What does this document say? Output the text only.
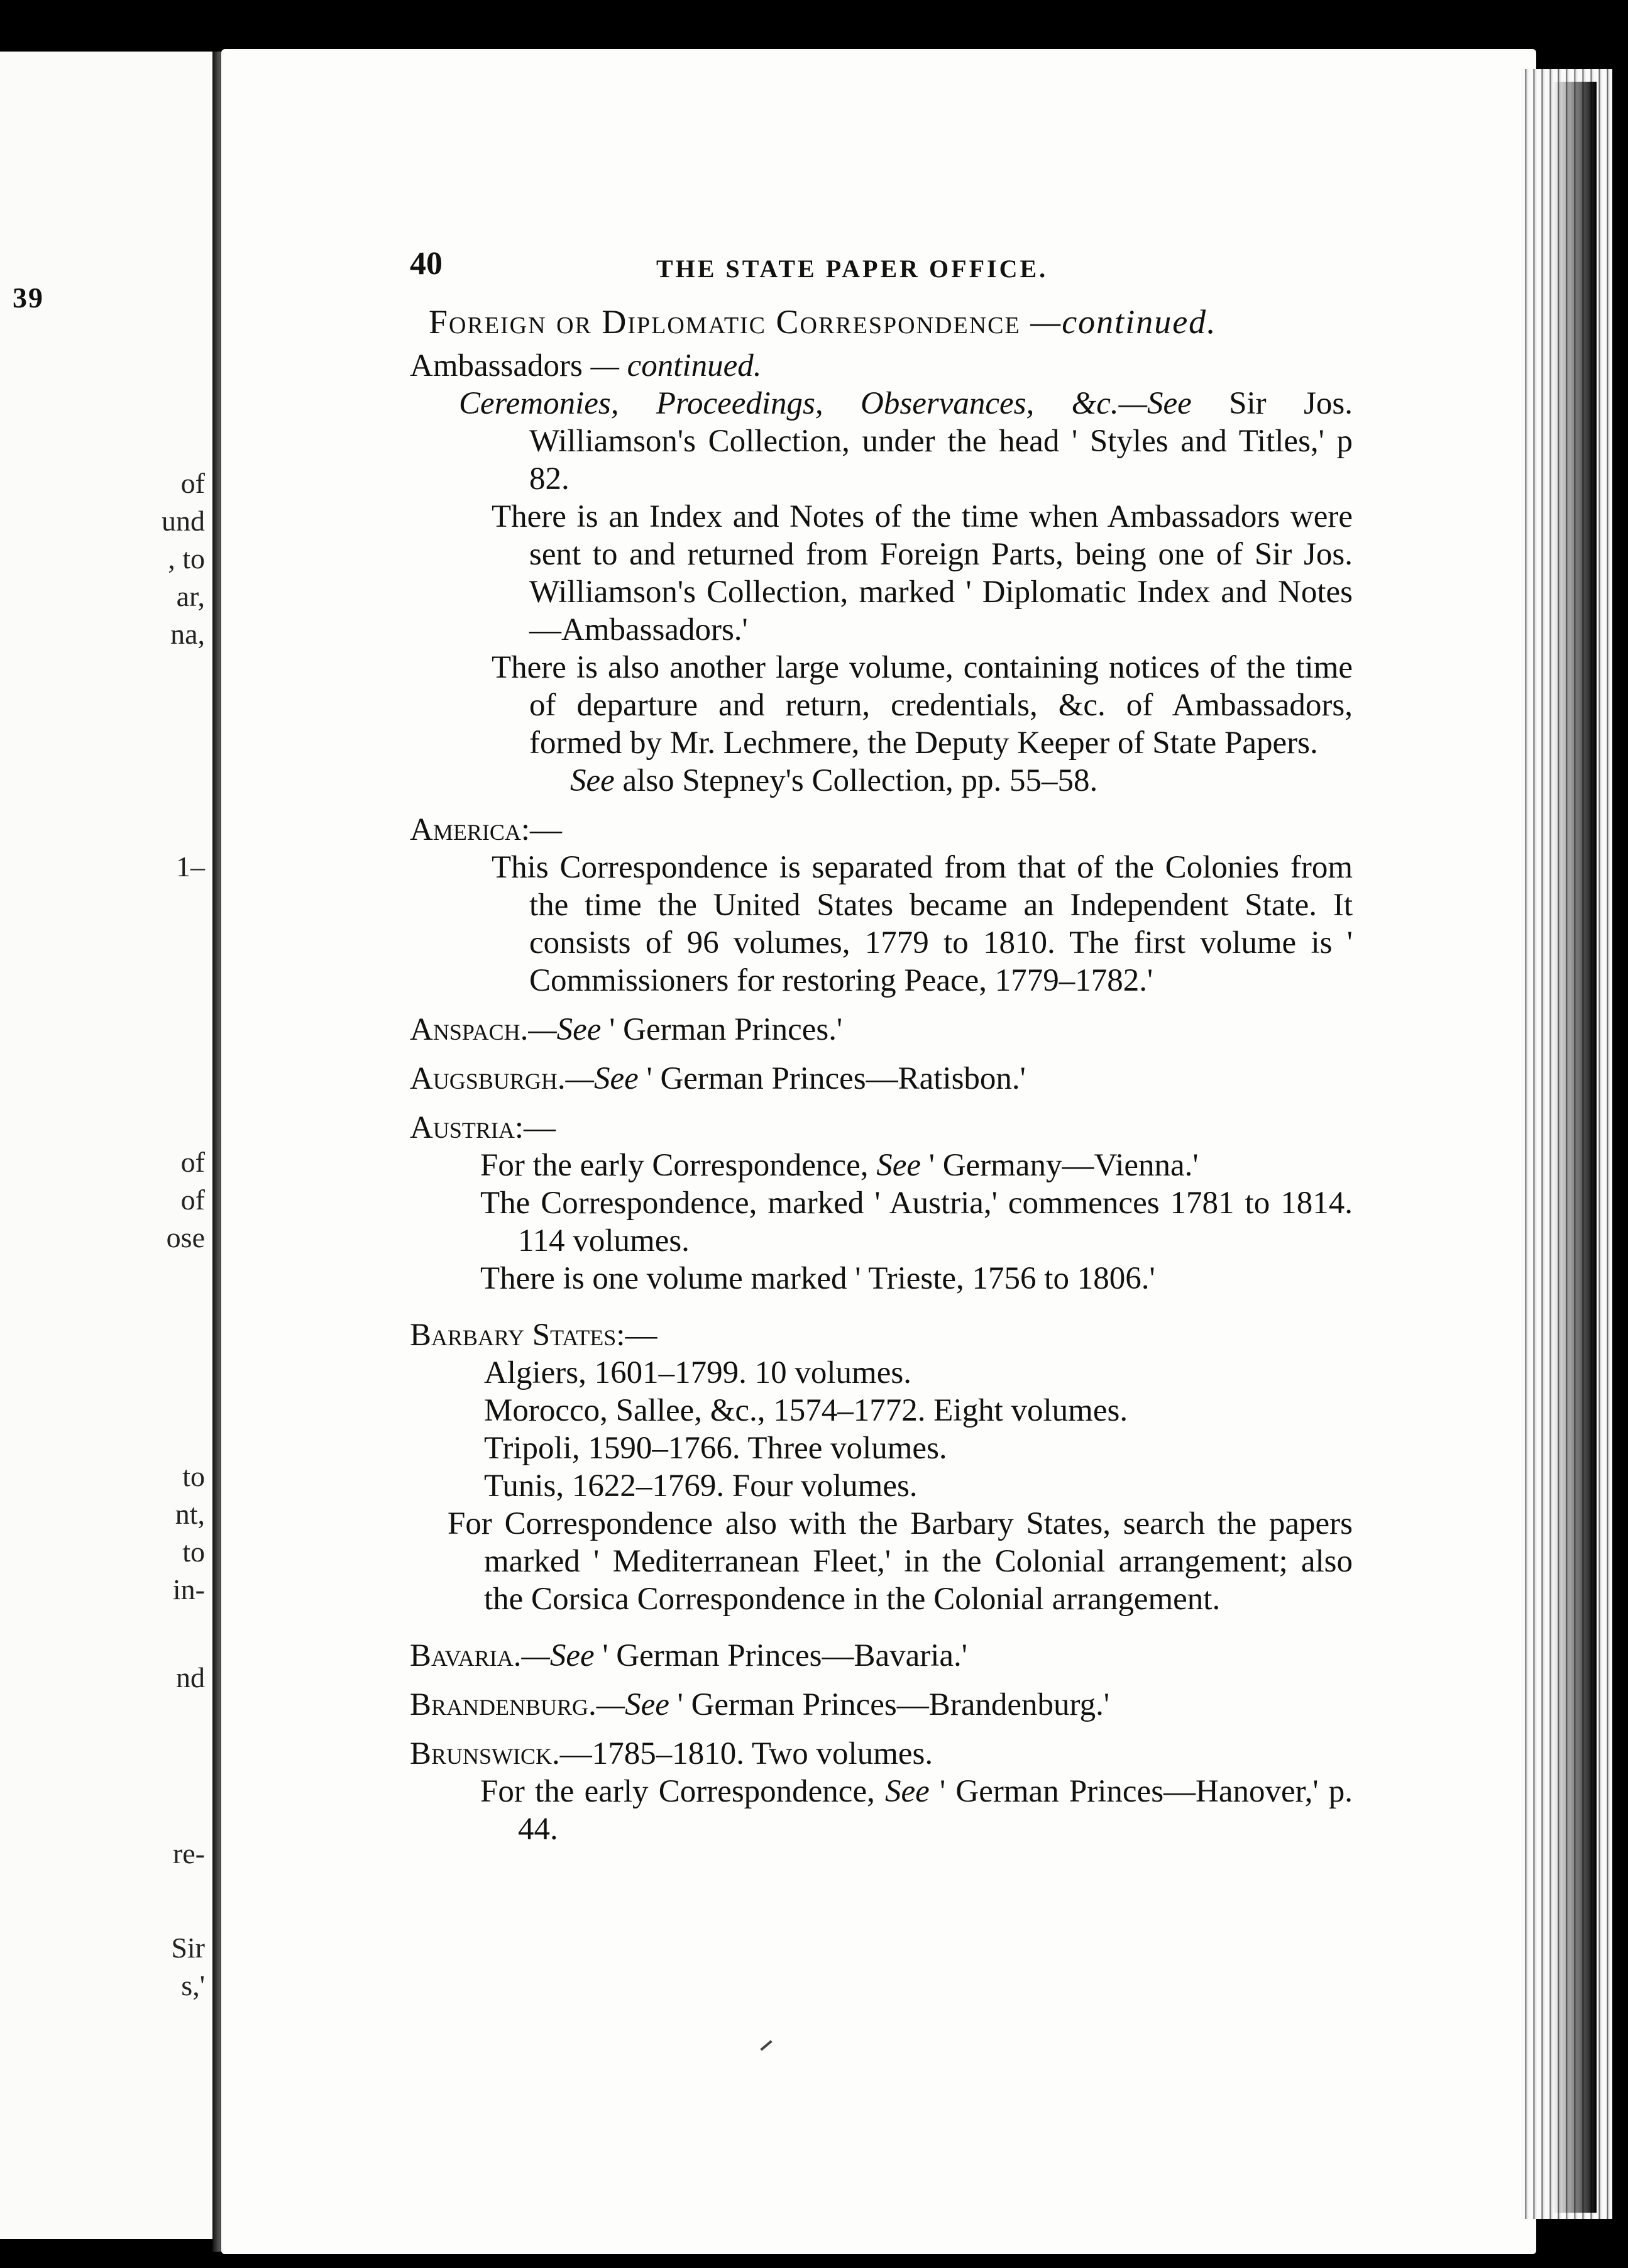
39
of
und
, to
ar,
na,
1–
of
of
ose
to
nt,
to
in-
nd
re-
Sir
s,'
40	THE STATE PAPER OFFICE.
Foreign or Diplomatic Correspondence —continued.
Ambassadors — continued.

Ceremonies, Proceedings, Observances, &c.—See Sir Jos. Williamson's Collection, under the head ' Styles and Titles,' p 82.

There is an Index and Notes of the time when Ambassadors were sent to and returned from Foreign Parts, being one of Sir Jos. Williamson's Collection, marked ' Diplomatic Index and Notes—Ambassadors.'

There is also another large volume, containing notices of the time of departure and return, credentials, &c. of Ambassadors, formed by Mr. Lechmere, the Deputy Keeper of State Papers.

See also Stepney's Collection, pp. 55–58.

America:—

This Correspondence is separated from that of the Colonies from the time the United States became an Independent State. It consists of 96 volumes, 1779 to 1810. The first volume is ' Commissioners for restoring Peace, 1779–1782.'

Anspach.—See ' German Princes.'
Augsburgh.—See ' German Princes—Ratisbon.'
Austria:—

For the early Correspondence, See ' Germany—Vienna.'

The Correspondence, marked ' Austria,' commences 1781 to 1814. 114 volumes.

There is one volume marked ' Trieste, 1756 to 1806.'

Barbary States:—

Algiers, 1601–1799. 10 volumes.

Morocco, Sallee, &c., 1574–1772. Eight volumes.

Tripoli, 1590–1766. Three volumes.

Tunis, 1622–1769. Four volumes.

For Correspondence also with the Barbary States, search the papers marked ' Mediterranean Fleet,' in the Colonial arrangement; also the Corsica Correspondence in the Colonial arrangement.

Bavaria.—See ' German Princes—Bavaria.'
Brandenburg.—See ' German Princes—Brandenburg.'
Brunswick.—1785–1810. Two volumes.

For the early Correspondence, See ' German Princes—Hanover,' p. 44.
